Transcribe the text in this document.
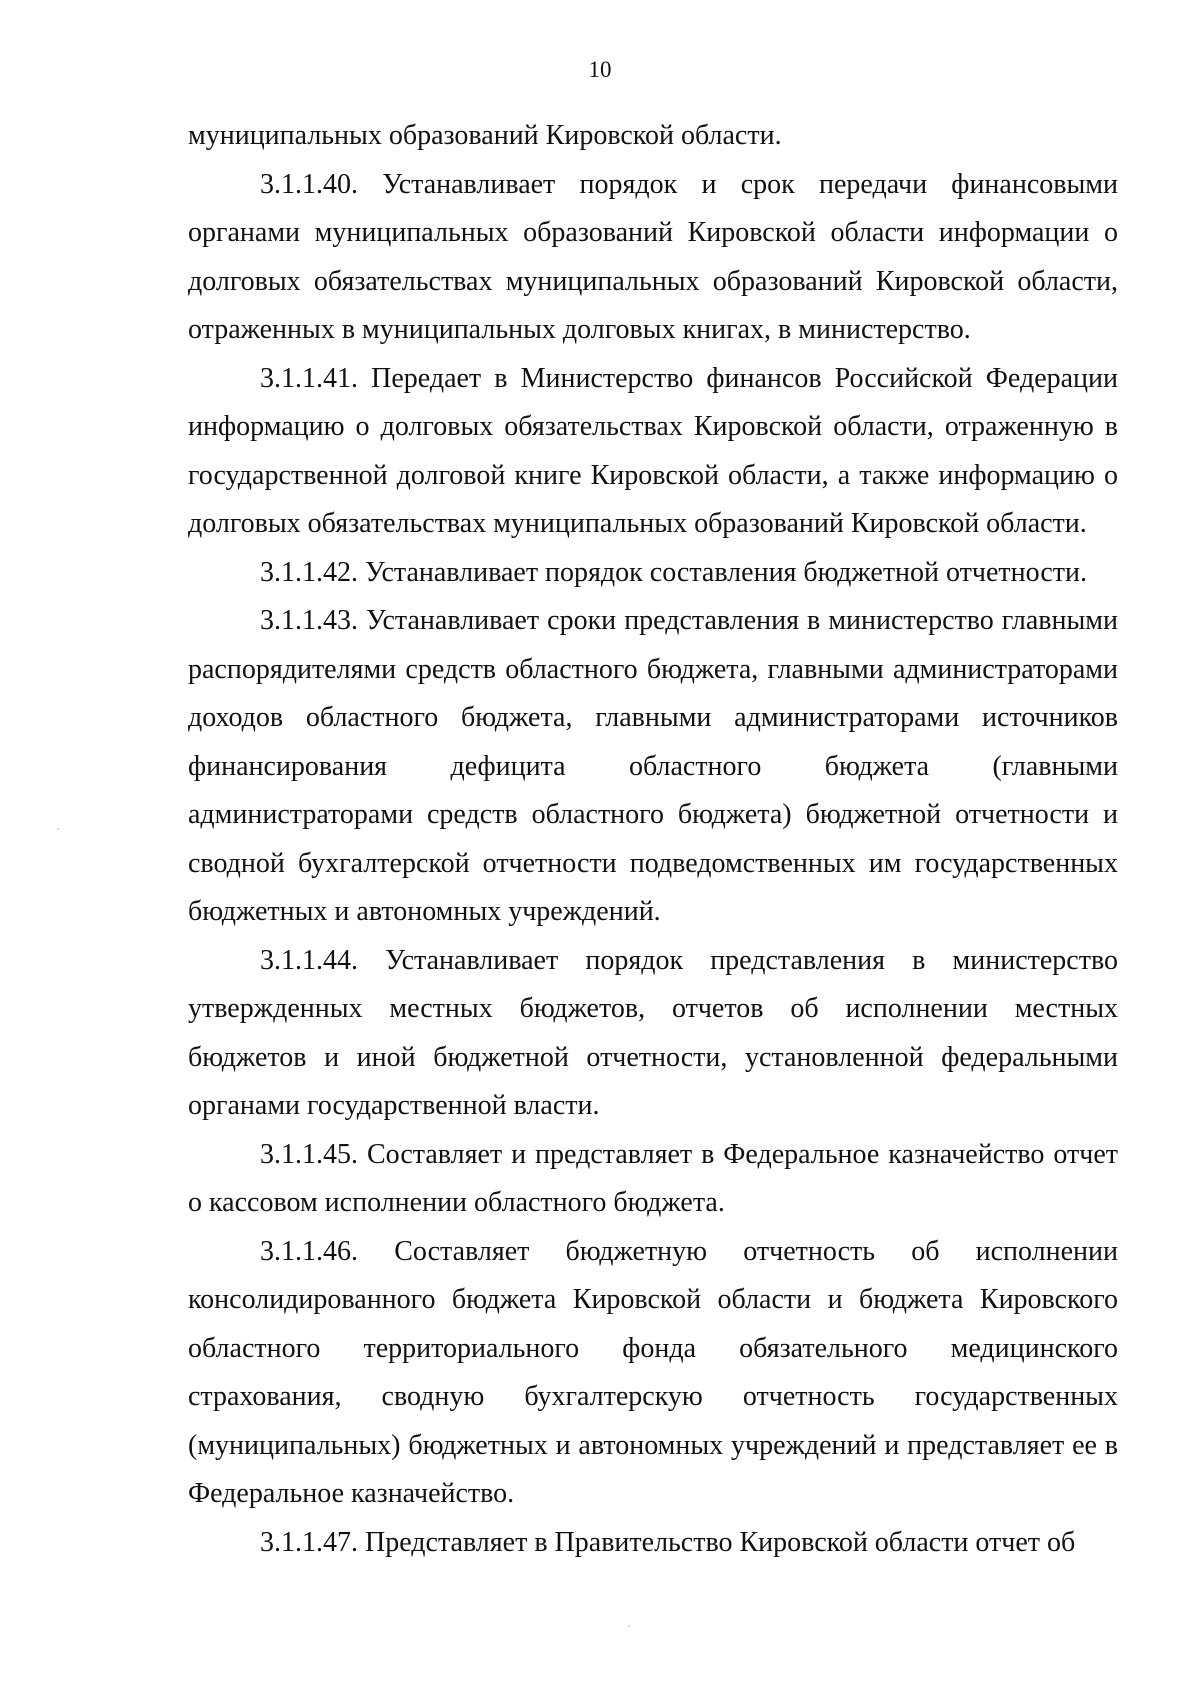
10

муниципальных образований Кировской области.

3.1.1.40. Устанавливает порядок и срок передачи финансовыми органами муниципальных образований Кировской области информации о долговых обязательствах муниципальных образований Кировской области, отраженных в муниципальных долговых книгах, в министерство.

3.1.1.41. Передает в Министерство финансов Российской Федерации информацию о долговых обязательствах Кировской области, отраженную в государственной долговой книге Кировской области, а также информацию о долговых обязательствах муниципальных образований Кировской области.

3.1.1.42. Устанавливает порядок составления бюджетной отчетности.

3.1.1.43. Устанавливает сроки представления в министерство главными распорядителями средств областного бюджета, главными администраторами доходов областного бюджета, главными администраторами источников финансирования дефицита областного бюджета (главными администраторами средств областного бюджета) бюджетной отчетности и сводной бухгалтерской отчетности подведомственных им государственных бюджетных и автономных учреждений.

3.1.1.44. Устанавливает порядок представления в министерство утвержденных местных бюджетов, отчетов об исполнении местных бюджетов и иной бюджетной отчетности, установленной федеральными органами государственной власти.

3.1.1.45. Составляет и представляет в Федеральное казначейство отчет о кассовом исполнении областного бюджета.

3.1.1.46. Составляет бюджетную отчетность об исполнении консолидированного бюджета Кировской области и бюджета Кировского областного территориального фонда обязательного медицинского страхования, сводную бухгалтерскую отчетность государственных (муниципальных) бюджетных и автономных учреждений и представляет ее в Федеральное казначейство.

3.1.1.47. Представляет в Правительство Кировской области отчет об
